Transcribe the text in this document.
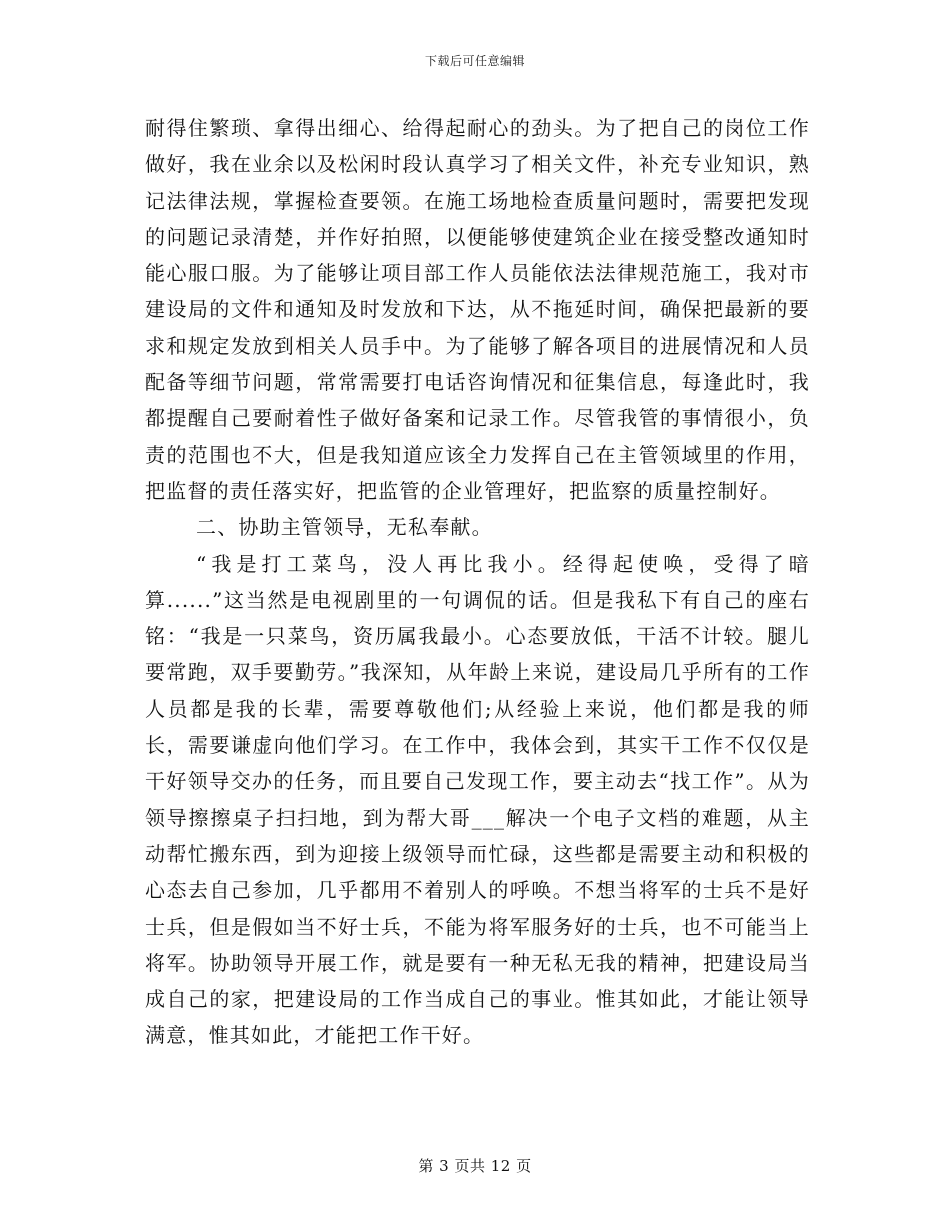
下载后可任意编辑

耐得住繁琐、拿得出细心、给得起耐心的劲头。为了把自己的岗位工作做好，我在业余以及松闲时段认真学习了相关文件，补充专业知识，熟记法律法规，掌握检查要领。在施工场地检查质量问题时，需要把发现的问题记录清楚，并作好拍照，以便能够使建筑企业在接受整改通知时能心服口服。为了能够让项目部工作人员能依法法律规范施工，我对市建设局的文件和通知及时发放和下达，从不拖延时间，确保把最新的要求和规定发放到相关人员手中。为了能够了解各项目的进展情况和人员配备等细节问题，常常需要打电话咨询情况和征集信息，每逢此时，我都提醒自己要耐着性子做好备案和记录工作。尽管我管的事情很小，负责的范围也不大，但是我知道应该全力发挥自己在主管领域里的作用，把监督的责任落实好，把监管的企业管理好，把监察的质量控制好。

二、协助主管领导，无私奉献。

“我是打工菜鸟，没人再比我小。经得起使唤，受得了暗算......”这当然是电视剧里的一句调侃的话。但是我私下有自己的座右铭：“我是一只菜鸟，资历属我最小。心态要放低，干活不计较。腿儿要常跑，双手要勤劳。”我深知，从年龄上来说，建设局几乎所有的工作人员都是我的长辈，需要尊敬他们;从经验上来说，他们都是我的师长，需要谦虚向他们学习。在工作中，我体会到，其实干工作不仅仅是干好领导交办的任务，而且要自己发现工作，要主动去“找工作”。从为领导擦擦桌子扫扫地，到为帮大哥___解决一个电子文档的难题，从主动帮忙搬东西，到为迎接上级领导而忙碌，这些都是需要主动和积极的心态去自己参加，几乎都用不着别人的呼唤。不想当将军的士兵不是好士兵，但是假如当不好士兵，不能为将军服务好的士兵，也不可能当上将军。协助领导开展工作，就是要有一种无私无我的精神，把建设局当成自己的家，把建设局的工作当成自己的事业。惟其如此，才能让领导满意，惟其如此，才能把工作干好。

第 3 页共 12 页
